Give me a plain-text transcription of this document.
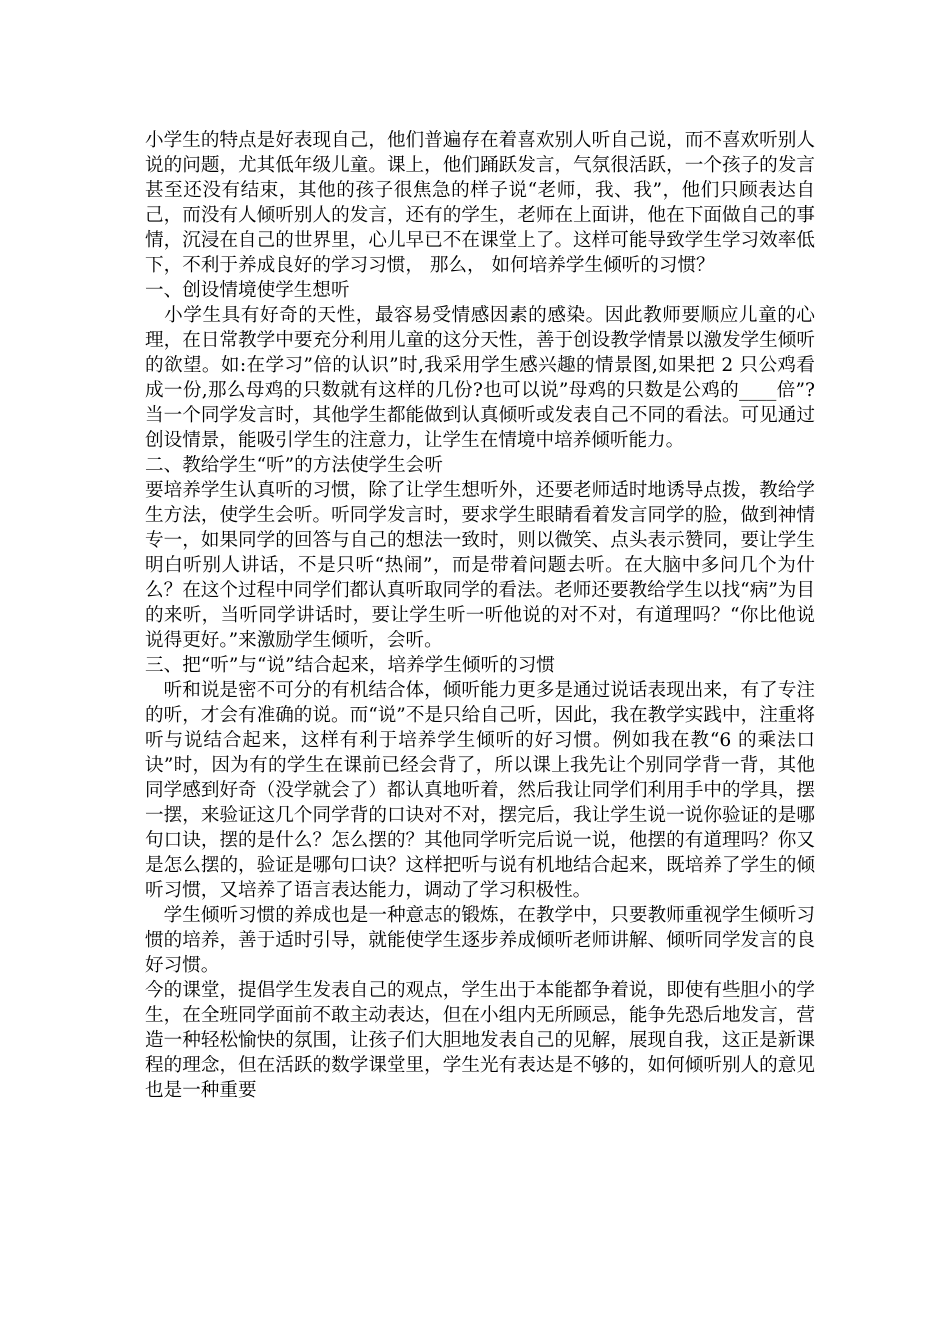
小学生的特点是好表现自己，他们普遍存在着喜欢别人听自己说，而不喜欢听别人说的问题，尤其低年级儿童。课上，他们踊跃发言，气氛很活跃，一个孩子的发言甚至还没有结束，其他的孩子很焦急的样子说“老师，我、我”，他们只顾表达自己，而没有人倾听别人的发言，还有的学生，老师在上面讲，他在下面做自己的事情，沉浸在自己的世界里，心儿早已不在课堂上了。这样可能导致学生学习效率低下，不利于养成良好的学习习惯， 那么， 如何培养学生倾听的习惯？

一、创设情境使学生想听

　小学生具有好奇的天性，最容易受情感因素的感染。因此教师要顺应儿童的心理，在日常教学中要充分利用儿童的这分天性，善于创设教学情景以激发学生倾听的欲望。如:在学习”倍的认识”时,我采用学生感兴趣的情景图,如果把 2 只公鸡看成一份,那么母鸡的只数就有这样的几份?也可以说”母鸡的只数是公鸡的____倍”?当一个同学发言时，其他学生都能做到认真倾听或发表自己不同的看法。可见通过创设情景，能吸引学生的注意力，让学生在情境中培养倾听能力。

二、教给学生“听”的方法使学生会听

要培养学生认真听的习惯，除了让学生想听外，还要老师适时地诱导点拨，教给学生方法，使学生会听。听同学发言时，要求学生眼睛看着发言同学的脸，做到神情专一，如果同学的回答与自己的想法一致时，则以微笑、点头表示赞同，要让学生明白听别人讲话，不是只听“热闹”，而是带着问题去听。在大脑中多问几个为什么？在这个过程中同学们都认真听取同学的看法。老师还要教给学生以找“病”为目的来听，当听同学讲话时，要让学生听一听他说的对不对，有道理吗？“你比他说说得更好。”来激励学生倾听，会听。

三、把“听”与“说”结合起来，培养学生倾听的习惯

　听和说是密不可分的有机结合体，倾听能力更多是通过说话表现出来，有了专注的听，才会有准确的说。而“说”不是只给自己听，因此，我在教学实践中，注重将听与说结合起来，这样有利于培养学生倾听的好习惯。例如我在教“6 的乘法口诀”时，因为有的学生在课前已经会背了，所以课上我先让个别同学背一背，其他同学感到好奇（没学就会了）都认真地听着，然后我让同学们利用手中的学具，摆一摆，来验证这几个同学背的口诀对不对，摆完后，我让学生说一说你验证的是哪句口诀，摆的是什么？怎么摆的？其他同学听完后说一说，他摆的有道理吗？你又是怎么摆的，验证是哪句口诀？这样把听与说有机地结合起来，既培养了学生的倾听习惯，又培养了语言表达能力，调动了学习积极性。

　学生倾听习惯的养成也是一种意志的锻炼，在教学中，只要教师重视学生倾听习惯的培养，善于适时引导，就能使学生逐步养成倾听老师讲解、倾听同学发言的良好习惯。

今的课堂，提倡学生发表自己的观点，学生出于本能都争着说，即使有些胆小的学生，在全班同学面前不敢主动表达，但在小组内无所顾忌，能争先恐后地发言，营造一种轻松愉快的氛围，让孩子们大胆地发表自己的见解，展现自我，这正是新课程的理念，但在活跃的数学课堂里，学生光有表达是不够的，如何倾听别人的意见也是一种重要
